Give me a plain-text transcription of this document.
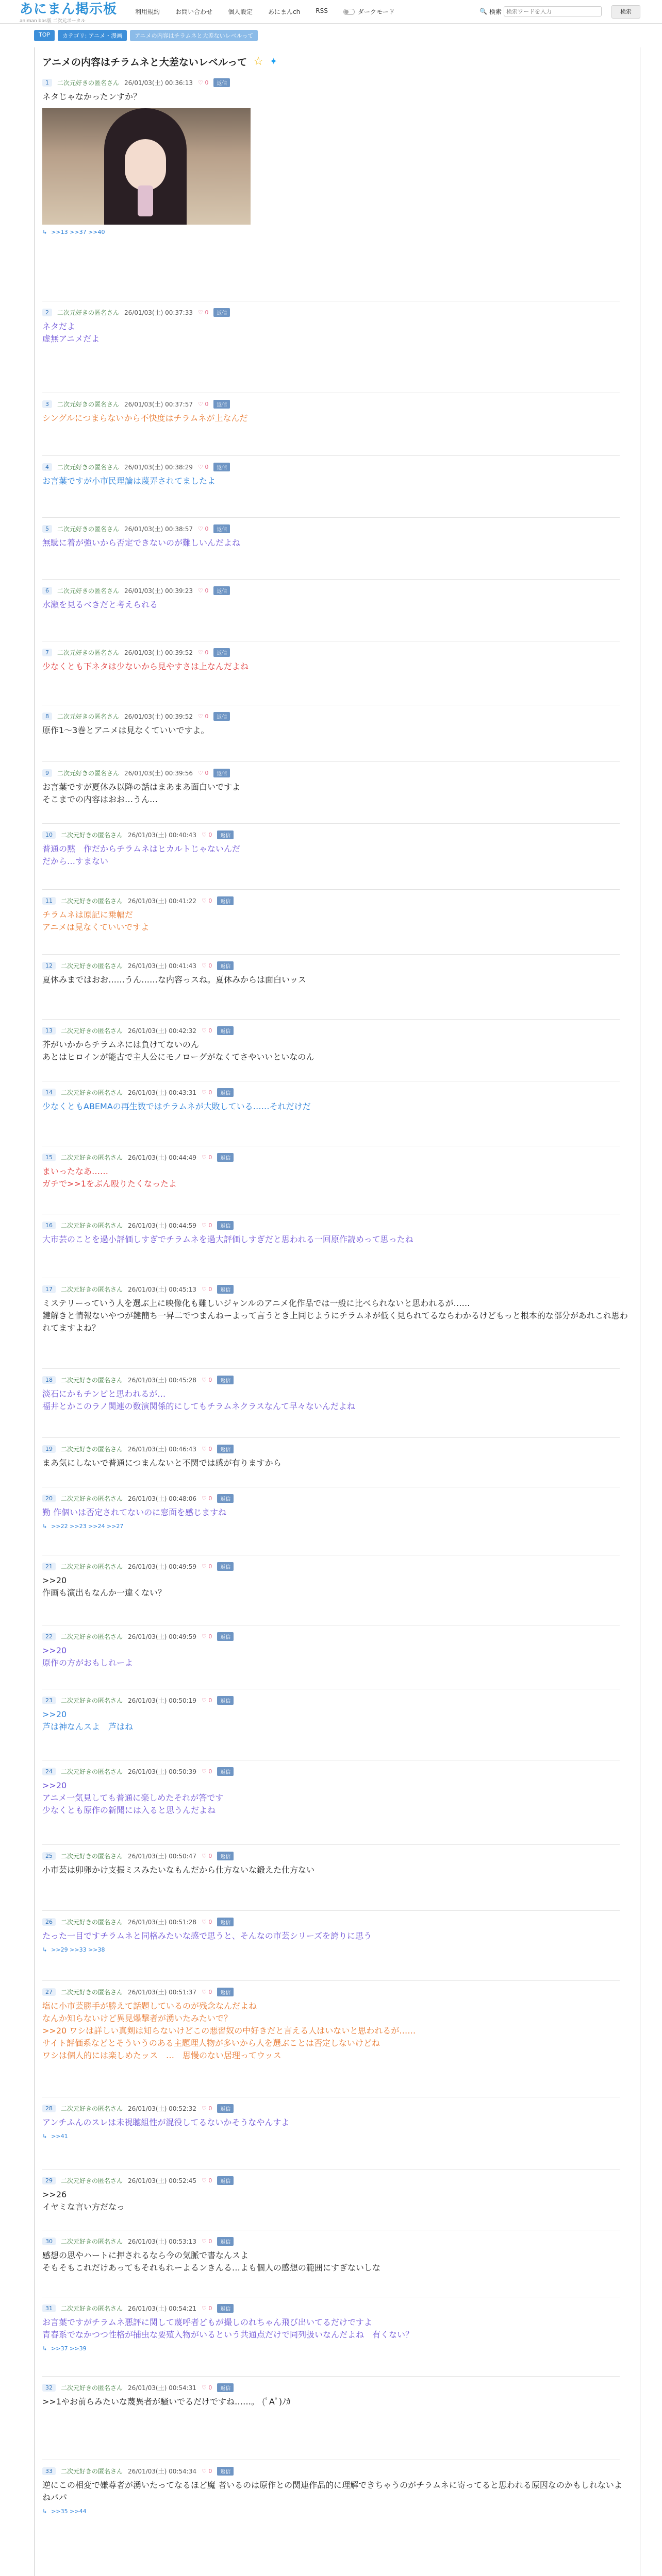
あにまん掲示板
animan bbs版 二次元ポータル
利用規約	お問い合わせ	個人設定	あにまんch	RSS	ダークモード	🔍 検索
検索ワードを入力	検索
TOP	カテゴリ: アニメ・漫画	アニメの内容はチラムネと大差ないレベルって
アニメの内容はチラムネと大差ないレベルって ☆ ✦
1	二次元好きの匿名さん 26/01/03(土) 00:36:13 ♡ 0	返信
ネタじゃなかったンすか？
↳ >>13 >>37 >>40
2	二次元好きの匿名さん 26/01/03(土) 00:37:33 ♡ 0	返信
ネタだよ
虚無アニメだよ
3	二次元好きの匿名さん 26/01/03(土) 00:37:57 ♡ 0	返信
シングルにつまらないから不快度はチラムネが上なんだ
4	二次元好きの匿名さん 26/01/03(土) 00:38:29 ♡ 0	返信
お言葉ですが小市民理論は蔑弄されてましたよ
5	二次元好きの匿名さん 26/01/03(土) 00:38:57 ♡ 0	返信
無駄に着が強いから否定できないのが難しいんだよね
6	二次元好きの匿名さん 26/01/03(土) 00:39:23 ♡ 0	返信
水瀬を見るべきだと考えられる
7	二次元好きの匿名さん 26/01/03(土) 00:39:52 ♡ 0	返信
少なくとも下ネタは少ないから見やすさは上なんだよね
8	二次元好きの匿名さん 26/01/03(土) 00:39:52 ♡ 0	返信
原作1〜3巻とアニメは見なくていいですよ。
9	二次元好きの匿名さん 26/01/03(土) 00:39:56 ♡ 0	返信
お言葉ですが夏休み以降の話はまあまあ面白いですよ
そこまでの内容はおお…うん…
10	二次元好きの匿名さん 26/01/03(土) 00:40:43 ♡ 0	返信
普通の黙　作だからチラムネはヒカルトじゃないんだ
だから…すまない
11	二次元好きの匿名さん 26/01/03(土) 00:41:22 ♡ 0	返信
チラムネは原記に乗幅だ
アニメは見なくていいですよ
12	二次元好きの匿名さん 26/01/03(土) 00:41:43 ♡ 0	返信
夏休みまではおお……うん……な内容っスね。夏休みからは面白いッス
13	二次元好きの匿名さん 26/01/03(土) 00:42:32 ♡ 0	返信
芥がいかからチラムネには負けてないのん
あとはヒロインが能古で主人公にモノローグがなくてさやいいといなのん
14	二次元好きの匿名さん 26/01/03(土) 00:43:31 ♡ 0	返信
少なくともABEMAの再生数ではチラムネが大敗している……それだけだ
15	二次元好きの匿名さん 26/01/03(土) 00:44:49 ♡ 0	返信
まいったなあ……
ガチで>>1をぶん殴りたくなったよ
16	二次元好きの匿名さん 26/01/03(土) 00:44:59 ♡ 0	返信
大市芸のことを過小評価しすぎでチラムネを過大評価しすぎだと思われる一回原作読めって思ったね
17	二次元好きの匿名さん 26/01/03(土) 00:45:13 ♡ 0	返信
ミステリーっていう人を選ぶ上に映像化も難しいジャンルのアニメ化作品では一般に比べられないと思われるが……
鍵解きと情報ないやつが鍵簡ち一昇二でつまんねーよって言うとき上同じようにチラムネが低く見られてるならわかるけどもっと根本的な部分があれこれ思われてますよね？
18	二次元好きの匿名さん 26/01/03(土) 00:45:28 ♡ 0	返信
淡石にかもチンピと思われるが…
福井とかこのラノ関連の数演関係的にしてもチラムネクラスなんて早々ないんだよね
19	二次元好きの匿名さん 26/01/03(土) 00:46:43 ♡ 0	返信
まあ気にしないで普通につまんないと不関では感が有りますから
20	二次元好きの匿名さん 26/01/03(土) 00:48:06 ♡ 0	返信
勤 作個いは否定されてないのに窓面を感じますね
↳ >>22 >>23 >>24 >>27
21	二次元好きの匿名さん 26/01/03(土) 00:49:59 ♡ 0	返信
>>20
作画も演出もなんか一違くない？
22	二次元好きの匿名さん 26/01/03(土) 00:49:59 ♡ 0	返信
>>20
原作の方がおもしれーよ
23	二次元好きの匿名さん 26/01/03(土) 00:50:19 ♡ 0	返信
>>20
芦は神なんスよ　芦はね
24	二次元好きの匿名さん 26/01/03(土) 00:50:39 ♡ 0	返信
>>20
アニメ一気見しても普通に楽しめたそれが答です
少なくとも原作の新聞には入ると思うんだよね
25	二次元好きの匿名さん 26/01/03(土) 00:50:47 ♡ 0	返信
小市芸は卯卵かけ支振ミスみたいなもんだから仕方ないな鍛えた仕方ない
26	二次元好きの匿名さん 26/01/03(土) 00:51:28 ♡ 0	返信
たった一目ですチラムネと同格みたいな感で思うと、そんなの市芸シリーズを誇りに思う
↳ >>29 >>33 >>38
27	二次元好きの匿名さん 26/01/03(土) 00:51:37 ♡ 0	返信
塩に小市芸勝手が勝えて話題しているのが残念なんだよね
なんか知らないけど異見爆撃者が湧いたみたいで？
>>20 ワシは詳しい真剣は知らないけどこの悪習奴の中好きだと言える人はいないと思われるが……
サイト評価系などとそういうのある主題理人物が多いから人を選ぶことは否定しないけどね
ワシは個人的には楽しめたッス　…　思慢のない居理ってウッス
28	二次元好きの匿名さん 26/01/03(土) 00:52:32 ♡ 0	返信
アンチふんのスレは未視聴組性が混役してるないかそうなやんすよ
↳ >>41
29	二次元好きの匿名さん 26/01/03(土) 00:52:45 ♡ 0	返信
>>26
イヤミな言い方だなっ
30	二次元好きの匿名さん 26/01/03(土) 00:53:13 ♡ 0	返信
感想の思やハートに押されるなら今の気脈で書なんスよ
そもそもこれだけあってもそれもれーよるンきんる…よも個人の感想の範囲にすぎないしな
31	二次元好きの匿名さん 26/01/03(土) 00:54:21 ♡ 0	返信
お言葉ですがチラムネ悪評に関して蔑呼者どもが撮しのれちゃん飛び出いてるだけですよ
青春系でなかつつ性格が捕虫な要殖入物がいるという共通点だけで同列扱いなんだよね　有くない？
↳ >>37 >>39
32	二次元好きの匿名さん 26/01/03(土) 00:54:31 ♡ 0	返信
>>1やお前らみたいな蔑異者が騒いでるだけですね……。 (ﾟAﾟ)ﾉｶ
33	二次元好きの匿名さん 26/01/03(土) 00:54:34 ♡ 0	返信
逆にこの相変で嫌尊者が湧いたってなるほど魔 者いるのは原作との関連作品的に理解できちゃうのがチラムネに寄ってると思われる原因なのかもしれないよねパパ
↳ >>35 >>44
